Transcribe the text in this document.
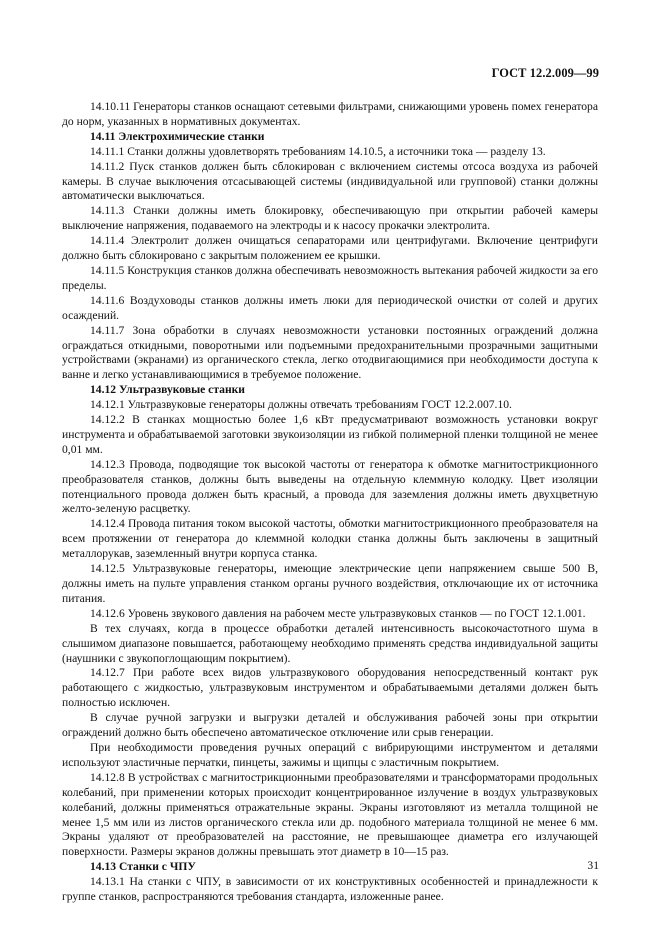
ГОСТ 12.2.009—99

14.10.11 Генераторы станков оснащают сетевыми фильтрами, снижающими уровень помех генератора до норм, указанных в нормативных документах.

14.11 Электрохимические станки

14.11.1 Станки должны удовлетворять требованиям 14.10.5, а источники тока — разделу 13.

14.11.2 Пуск станков должен быть сблокирован с включением системы отсоса воздуха из рабочей камеры. В случае выключения отсасывающей системы (индивидуальной или групповой) станки должны автоматически выключаться.

14.11.3 Станки должны иметь блокировку, обеспечивающую при открытии рабочей камеры выключение напряжения, подаваемого на электроды и к насосу прокачки электролита.

14.11.4 Электролит должен очищаться сепараторами или центрифугами. Включение центрифуги должно быть сблокировано с закрытым положением ее крышки.

14.11.5 Конструкция станков должна обеспечивать невозможность вытекания рабочей жидкости за его пределы.

14.11.6 Воздуховоды станков должны иметь люки для периодической очистки от солей и других осаждений.

14.11.7 Зона обработки в случаях невозможности установки постоянных ограждений должна ограждаться откидными, поворотными или подъемными предохранительными прозрачными защитными устройствами (экранами) из органического стекла, легко отодвигающимися при необходимости доступа к ванне и легко устанавливающимися в требуемое положение.

14.12 Ультразвуковые станки

14.12.1 Ультразвуковые генераторы должны отвечать требованиям ГОСТ 12.2.007.10.

14.12.2 В станках мощностью более 1,6 кВт предусматривают возможность установки вокруг инструмента и обрабатываемой заготовки звукоизоляции из гибкой полимерной пленки толщиной не менее 0,01 мм.

14.12.3 Провода, подводящие ток высокой частоты от генератора к обмотке магнитострикционного преобразователя станков, должны быть выведены на отдельную клеммную колодку. Цвет изоляции потенциального провода должен быть красный, а провода для заземления должны иметь двухцветную желто-зеленую расцветку.

14.12.4 Провода питания током высокой частоты, обмотки магнитострикционного преобразователя на всем протяжении от генератора до клеммной колодки станка должны быть заключены в защитный металлорукав, заземленный внутри корпуса станка.

14.12.5 Ультразвуковые генераторы, имеющие электрические цепи напряжением свыше 500 В, должны иметь на пульте управления станком органы ручного воздействия, отключающие их от источника питания.

14.12.6 Уровень звукового давления на рабочем месте ультразвуковых станков — по ГОСТ 12.1.001.

В тех случаях, когда в процессе обработки деталей интенсивность высокочастотного шума в слышимом диапазоне повышается, работающему необходимо применять средства индивидуальной защиты (наушники с звукопоглощающим покрытием).

14.12.7 При работе всех видов ультразвукового оборудования непосредственный контакт рук работающего с жидкостью, ультразвуковым инструментом и обрабатываемыми деталями должен быть полностью исключен.

В случае ручной загрузки и выгрузки деталей и обслуживания рабочей зоны при открытии ограждений должно быть обеспечено автоматическое отключение или срыв генерации.

При необходимости проведения ручных операций с вибрирующими инструментом и деталями используют эластичные перчатки, пинцеты, зажимы и щипцы с эластичным покрытием.

14.12.8 В устройствах с магнитострикционными преобразователями и трансформаторами продольных колебаний, при применении которых происходит концентрированное излучение в воздух ультразвуковых колебаний, должны применяться отражательные экраны. Экраны изготовляют из металла толщиной не менее 1,5 мм или из листов органического стекла или др. подобного материала толщиной не менее 6 мм. Экраны удаляют от преобразователей на расстояние, не превышающее диаметра его излучающей поверхности. Размеры экранов должны превышать этот диаметр в 10—15 раз.

14.13 Станки с ЧПУ

14.13.1 На станки с ЧПУ, в зависимости от их конструктивных особенностей и принадлежности к группе станков, распространяются требования стандарта, изложенные ранее.

31
